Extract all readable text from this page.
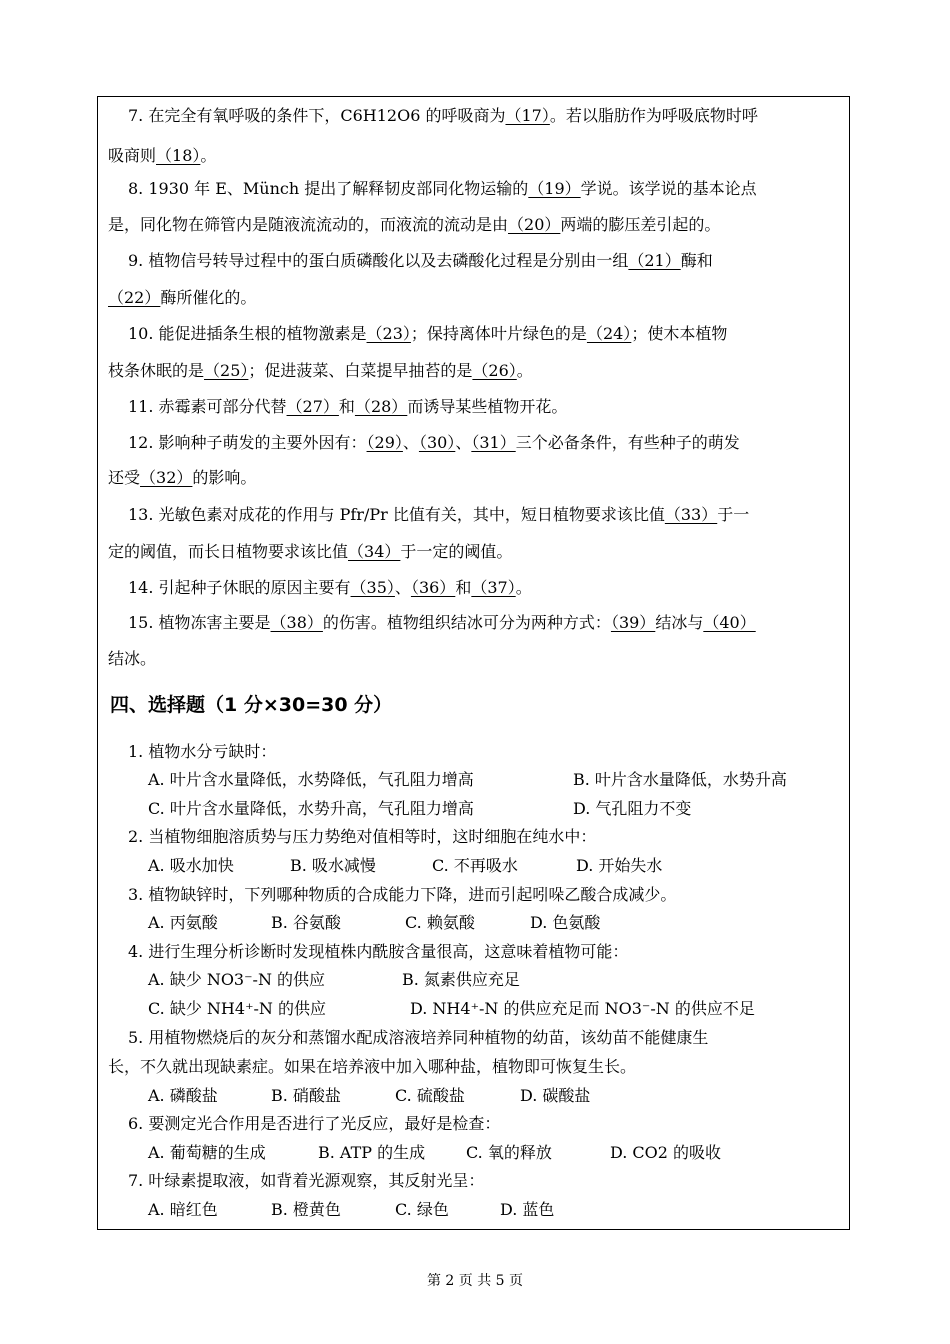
7. 在完全有氧呼吸的条件下，C6H12O6 的呼吸商为（17）。若以脂肪作为呼吸底物时呼
吸商则（18）。
8. 1930 年 E、Münch 提出了解释韧皮部同化物运输的（19）学说。该学说的基本论点
是，同化物在筛管内是随液流流动的，而液流的流动是由（20）两端的膨压差引起的。
9. 植物信号转导过程中的蛋白质磷酸化以及去磷酸化过程是分别由一组（21）酶和
（22）酶所催化的。
10. 能促进插条生根的植物激素是（23）；保持离体叶片绿色的是（24）；使木本植物
枝条休眠的是（25）；促进菠菜、白菜提早抽苔的是（26）。
11. 赤霉素可部分代替（27）和（28）而诱导某些植物开花。
12. 影响种子萌发的主要外因有：（29）、（30）、（31）三个必备条件，有些种子的萌发
还受（32）的影响。
13. 光敏色素对成花的作用与 Pfr/Pr 比值有关，其中，短日植物要求该比值（33）于一
定的阈值，而长日植物要求该比值（34）于一定的阈值。
14. 引起种子休眠的原因主要有（35）、（36）和（37）。
15. 植物冻害主要是（38）的伤害。植物组织结冰可分为两种方式：（39）结冰与（40）
结冰。
四、选择题（1 分×30=30 分）
1. 植物水分亏缺时：
A. 叶片含水量降低，水势降低，气孔阻力增高	B. 叶片含水量降低，水势升高
C. 叶片含水量降低，水势升高，气孔阻力增高	D. 气孔阻力不变
2. 当植物细胞溶质势与压力势绝对值相等时，这时细胞在纯水中：
A. 吸水加快	B. 吸水减慢	C. 不再吸水	D. 开始失水
3. 植物缺锌时，下列哪种物质的合成能力下降，进而引起吲哚乙酸合成减少。
A. 丙氨酸	B. 谷氨酸	C. 赖氨酸	D. 色氨酸
4. 进行生理分析诊断时发现植株内酰胺含量很高，这意味着植物可能：
A. 缺少 NO3⁻-N 的供应	B. 氮素供应充足
C. 缺少 NH4⁺-N 的供应	D. NH4⁺-N 的供应充足而 NO3⁻-N 的供应不足
5. 用植物燃烧后的灰分和蒸馏水配成溶液培养同种植物的幼苗，该幼苗不能健康生
长，不久就出现缺素症。如果在培养液中加入哪种盐，植物即可恢复生长。
A. 磷酸盐	B. 硝酸盐	C. 硫酸盐	D. 碳酸盐
6. 要测定光合作用是否进行了光反应，最好是检查：
A. 葡萄糖的生成	B. ATP 的生成	C. 氧的释放	D. CO2 的吸收
7. 叶绿素提取液，如背着光源观察，其反射光呈：
A. 暗红色	B. 橙黄色	C. 绿色	D. 蓝色
第 2 页 共 5 页
